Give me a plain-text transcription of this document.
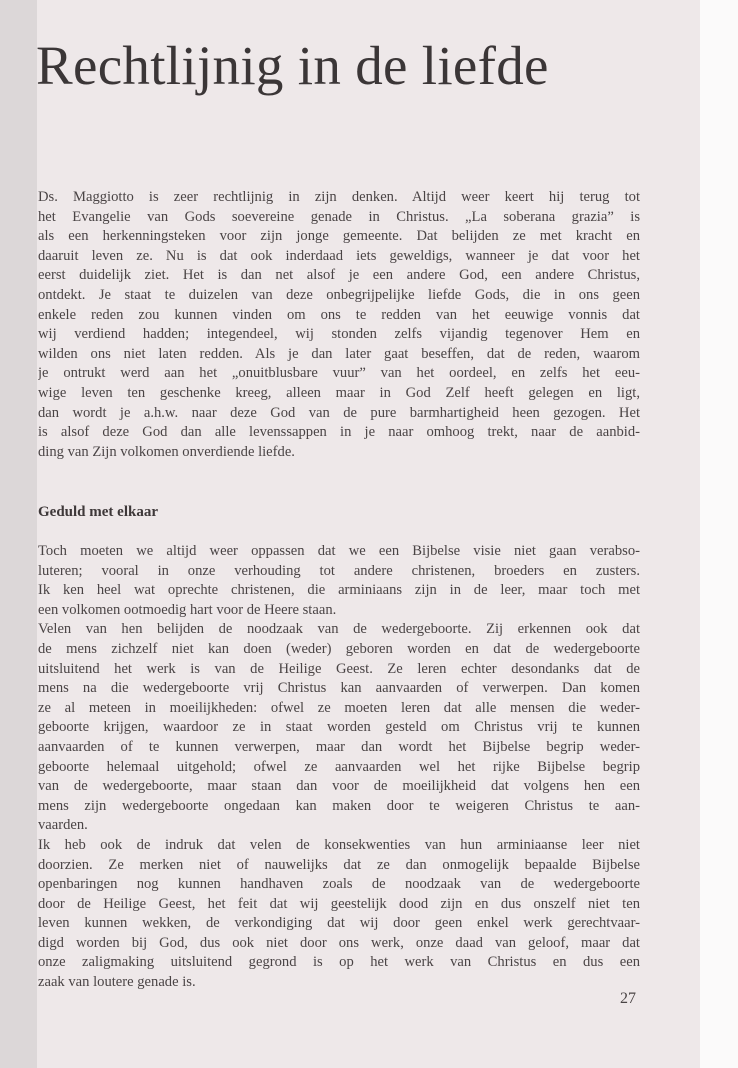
Rechtlijnig in de liefde
Ds. Maggiotto is zeer rechtlijnig in zijn denken. Altijd weer keert hij terug tot
het Evangelie van Gods soevereine genade in Christus. „La soberana grazia” is
als een herkenningsteken voor zijn jonge gemeente. Dat belijden ze met kracht en
daaruit leven ze. Nu is dat ook inderdaad iets geweldigs, wanneer je dat voor het
eerst duidelijk ziet. Het is dan net alsof je een andere God, een andere Christus,
ontdekt. Je staat te duizelen van deze onbegrijpelijke liefde Gods, die in ons geen
enkele reden zou kunnen vinden om ons te redden van het eeuwige vonnis dat
wij verdiend hadden; integendeel, wij stonden zelfs vijandig tegenover Hem en
wilden ons niet laten redden. Als je dan later gaat beseffen, dat de reden, waarom
je ontrukt werd aan het „onuitblusbare vuur” van het oordeel, en zelfs het eeu-
wige leven ten geschenke kreeg, alleen maar in God Zelf heeft gelegen en ligt,
dan wordt je a.h.w. naar deze God van de pure barmhartigheid heen gezogen. Het
is alsof deze God dan alle levenssappen in je naar omhoog trekt, naar de aanbid-
ding van Zijn volkomen onverdiende liefde.
Geduld met elkaar
Toch moeten we altijd weer oppassen dat we een Bijbelse visie niet gaan verabso-
luteren; vooral in onze verhouding tot andere christenen, broeders en zusters.
Ik ken heel wat oprechte christenen, die arminiaans zijn in de leer, maar toch met
een volkomen ootmoedig hart voor de Heere staan.
Velen van hen belijden de noodzaak van de wedergeboorte. Zij erkennen ook dat
de mens zichzelf niet kan doen (weder) geboren worden en dat de wedergeboorte
uitsluitend het werk is van de Heilige Geest. Ze leren echter desondanks dat de
mens na die wedergeboorte vrij Christus kan aanvaarden of verwerpen. Dan komen
ze al meteen in moeilijkheden: ofwel ze moeten leren dat alle mensen die weder-
geboorte krijgen, waardoor ze in staat worden gesteld om Christus vrij te kunnen
aanvaarden of te kunnen verwerpen, maar dan wordt het Bijbelse begrip weder-
geboorte helemaal uitgehold; ofwel ze aanvaarden wel het rijke Bijbelse begrip
van de wedergeboorte, maar staan dan voor de moeilijkheid dat volgens hen een
mens zijn wedergeboorte ongedaan kan maken door te weigeren Christus te aan-
vaarden.
Ik heb ook de indruk dat velen de konsekwenties van hun arminiaanse leer niet
doorzien. Ze merken niet of nauwelijks dat ze dan onmogelijk bepaalde Bijbelse
openbaringen nog kunnen handhaven zoals de noodzaak van de wedergeboorte
door de Heilige Geest, het feit dat wij geestelijk dood zijn en dus onszelf niet ten
leven kunnen wekken, de verkondiging dat wij door geen enkel werk gerechtvaar-
digd worden bij God, dus ook niet door ons werk, onze daad van geloof, maar dat
onze zaligmaking uitsluitend gegrond is op het werk van Christus en dus een
zaak van loutere genade is.
27
